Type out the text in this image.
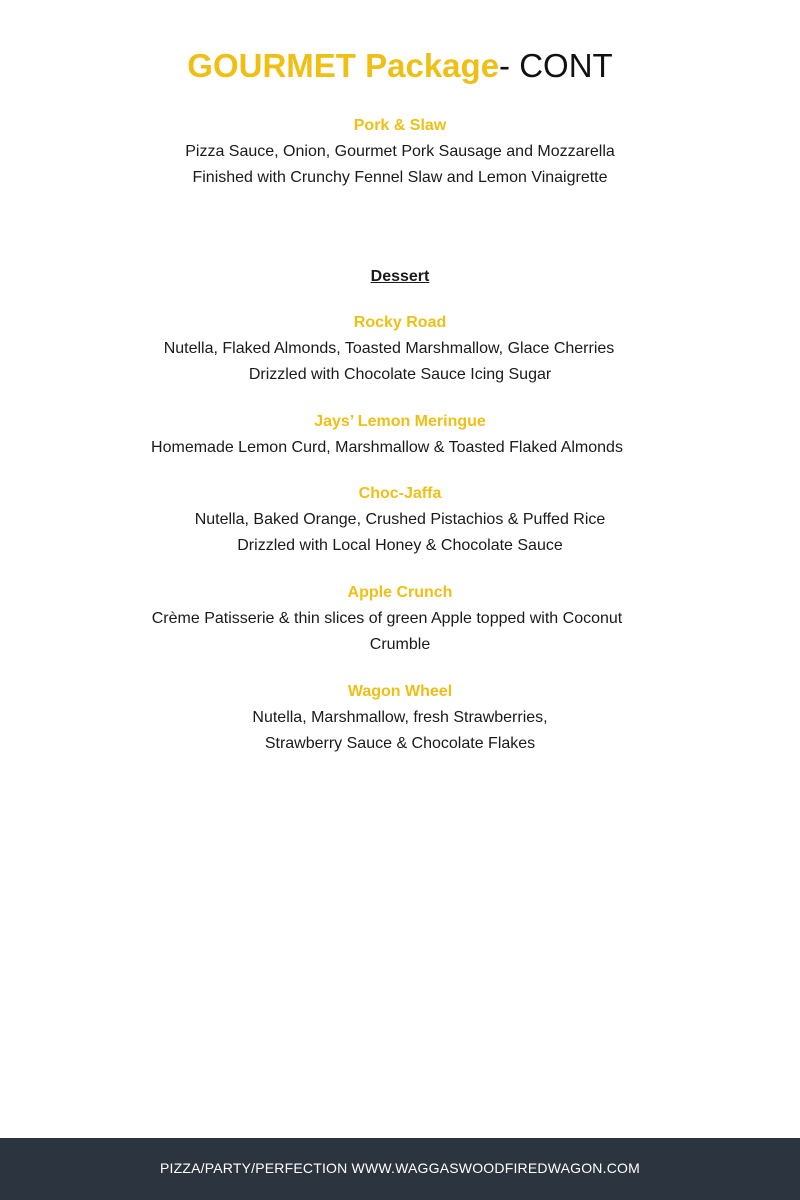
GOURMET Package- CONT

Pork & Slaw

Pizza Sauce, Onion, Gourmet Pork Sausage and Mozzarella

Finished with Crunchy Fennel Slaw and Lemon Vinaigrette

Dessert

Rocky Road

Nutella, Flaked Almonds, Toasted Marshmallow, Glace Cherries

Drizzled with Chocolate Sauce Icing Sugar

Jays’ Lemon Meringue

Homemade Lemon Curd, Marshmallow & Toasted Flaked Almonds

Choc-Jaffa

Nutella, Baked Orange, Crushed Pistachios & Puffed Rice

Drizzled with Local Honey & Chocolate Sauce

Apple Crunch

Crème Patisserie & thin slices of green Apple topped with Coconut

Crumble

Wagon Wheel

Nutella, Marshmallow, fresh Strawberries,

Strawberry Sauce & Chocolate Flakes

PIZZA/PARTY/PERFECTION WWW.WAGGASWOODFIREDWAGON.COM
